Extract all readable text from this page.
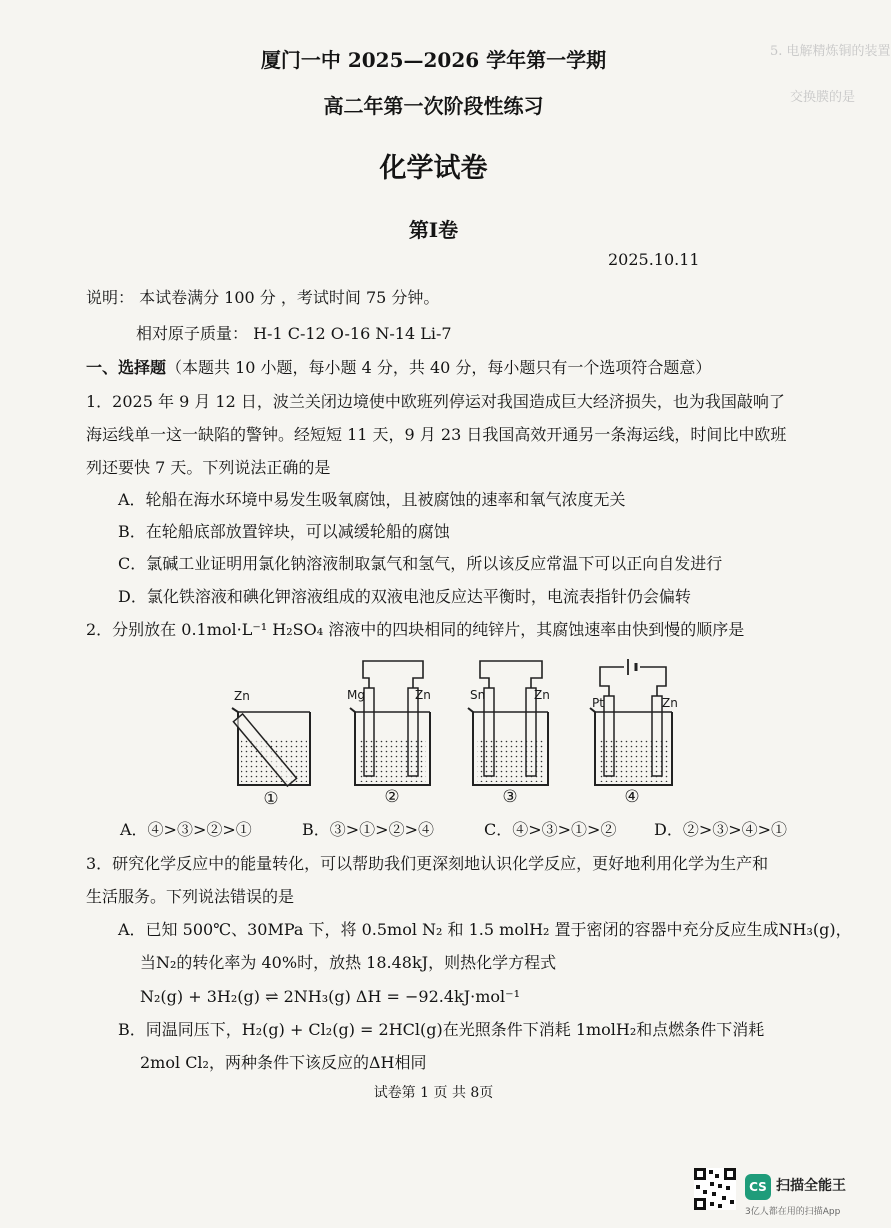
5. 电解精炼铜的装置
交换膜的是
厦门一中 2025—2026 学年第一学期
高二年第一次阶段性练习
化学试卷
第Ⅰ卷
2025.10.11
说明： 本试卷满分 100 分 ，考试时间 75 分钟。
相对原子质量： H-1 C-12 O-16 N-14 Li-7
一、选择题（本题共 10 小题，每小题 4 分，共 40 分，每小题只有一个选项符合题意）
1．2025 年 9 月 12 日，波兰关闭边境使中欧班列停运对我国造成巨大经济损失，也为我国敲响了
海运线单一这一缺陷的警钟。经短短 11 天，9 月 23 日我国高效开通另一条海运线，时间比中欧班
列还要快 7 天。下列说法正确的是
A．轮船在海水环境中易发生吸氧腐蚀，且被腐蚀的速率和氧气浓度无关
B．在轮船底部放置锌块，可以减缓轮船的腐蚀
C．氯碱工业证明用氯化钠溶液制取氯气和氢气，所以该反应常温下可以正向自发进行
D．氯化铁溶液和碘化钾溶液组成的双液电池反应达平衡时，电流表指针仍会偏转
2．分别放在 0.1mol·L⁻¹ H₂SO₄ 溶液中的四块相同的纯锌片，其腐蚀速率由快到慢的顺序是
Zn	Mg	Zn	Sn	Zn
Pt	Zn
①	②	③	④
A．④>③>②>①	B．③>①>②>④	C．④>③>①>② D．②>③>④>①
3．研究化学反应中的能量转化，可以帮助我们更深刻地认识化学反应，更好地利用化学为生产和
生活服务。下列说法错误的是
A．已知 500℃、30MPa 下，将 0.5mol N₂ 和 1.5 molH₂ 置于密闭的容器中充分反应生成NH₃(g)，
当N₂的转化率为 40%时，放热 18.48kJ，则热化学方程式
N₂(g) + 3H₂(g) ⇌ 2NH₃(g) ΔH = −92.4kJ·mol⁻¹
B．同温同压下，H₂(g) + Cl₂(g) = 2HCl(g)在光照条件下消耗 1molH₂和点燃条件下消耗
2mol Cl₂，两种条件下该反应的ΔH相同
试卷第 1 页 共 8页
CS 扫描全能王
3亿人都在用的扫描App
